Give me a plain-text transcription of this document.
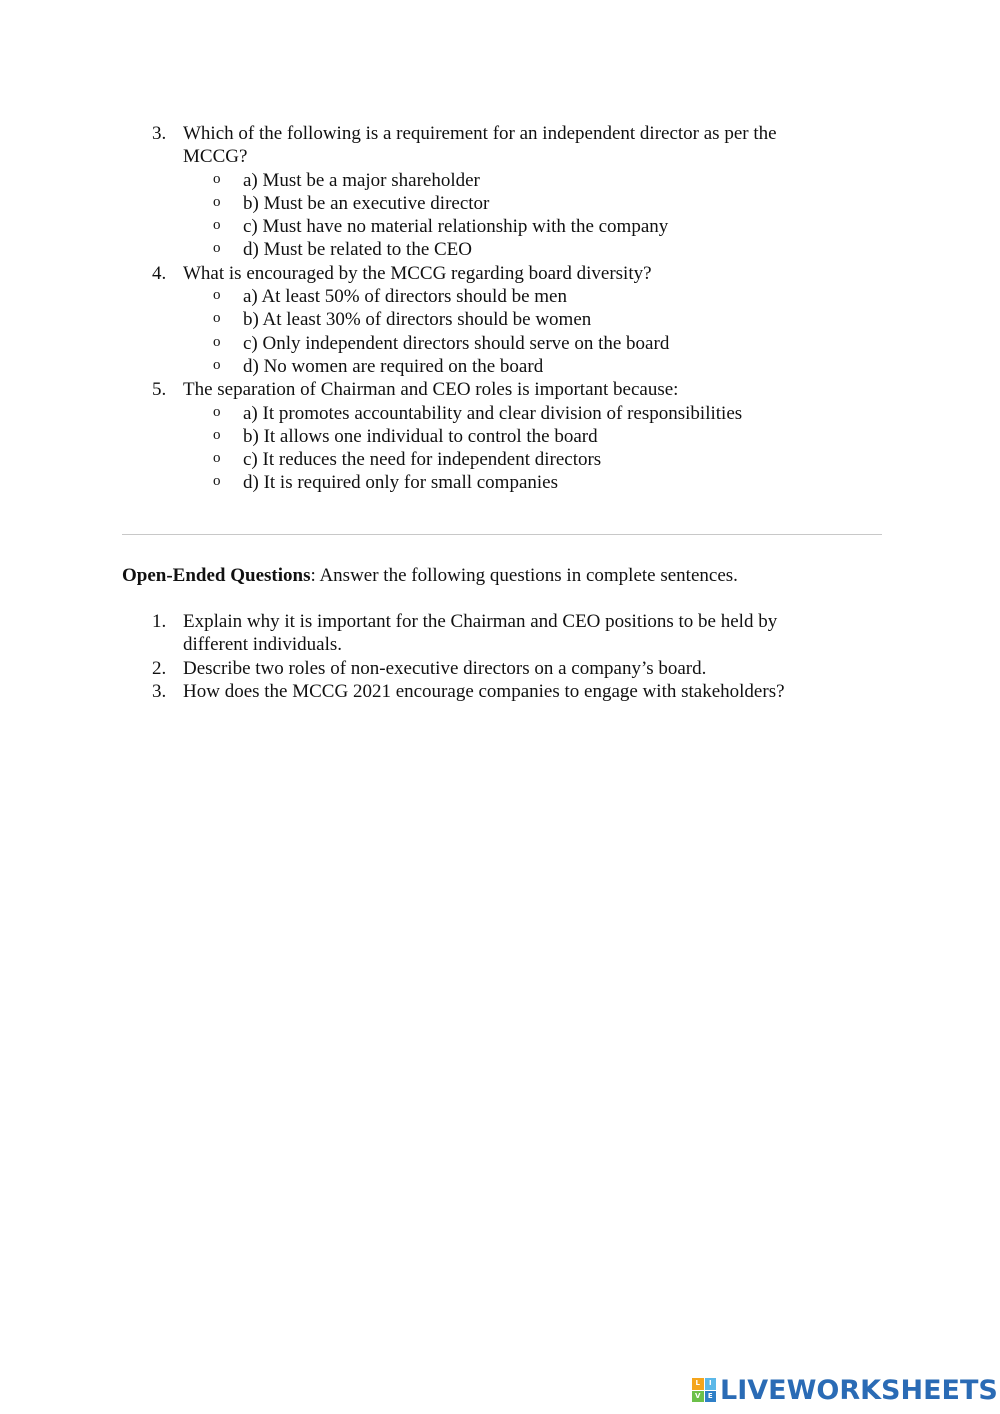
3. Which of the following is a requirement for an independent director as per the
MCCG?
o a) Must be a major shareholder
o b) Must be an executive director
o c) Must have no material relationship with the company
o d) Must be related to the CEO
4. What is encouraged by the MCCG regarding board diversity?
o a) At least 50% of directors should be men
o b) At least 30% of directors should be women
o c) Only independent directors should serve on the board
o d) No women are required on the board
5. The separation of Chairman and CEO roles is important because:
o a) It promotes accountability and clear division of responsibilities
o b) It allows one individual to control the board
o c) It reduces the need for independent directors
o d) It is required only for small companies
Open-Ended Questions: Answer the following questions in complete sentences.
1. Explain why it is important for the Chairman and CEO positions to be held by
different individuals.
2. Describe two roles of non-executive directors on a company’s board.
3. How does the MCCG 2021 encourage companies to engage with stakeholders?
L	I
V	E LIVEWORKSHEETS
